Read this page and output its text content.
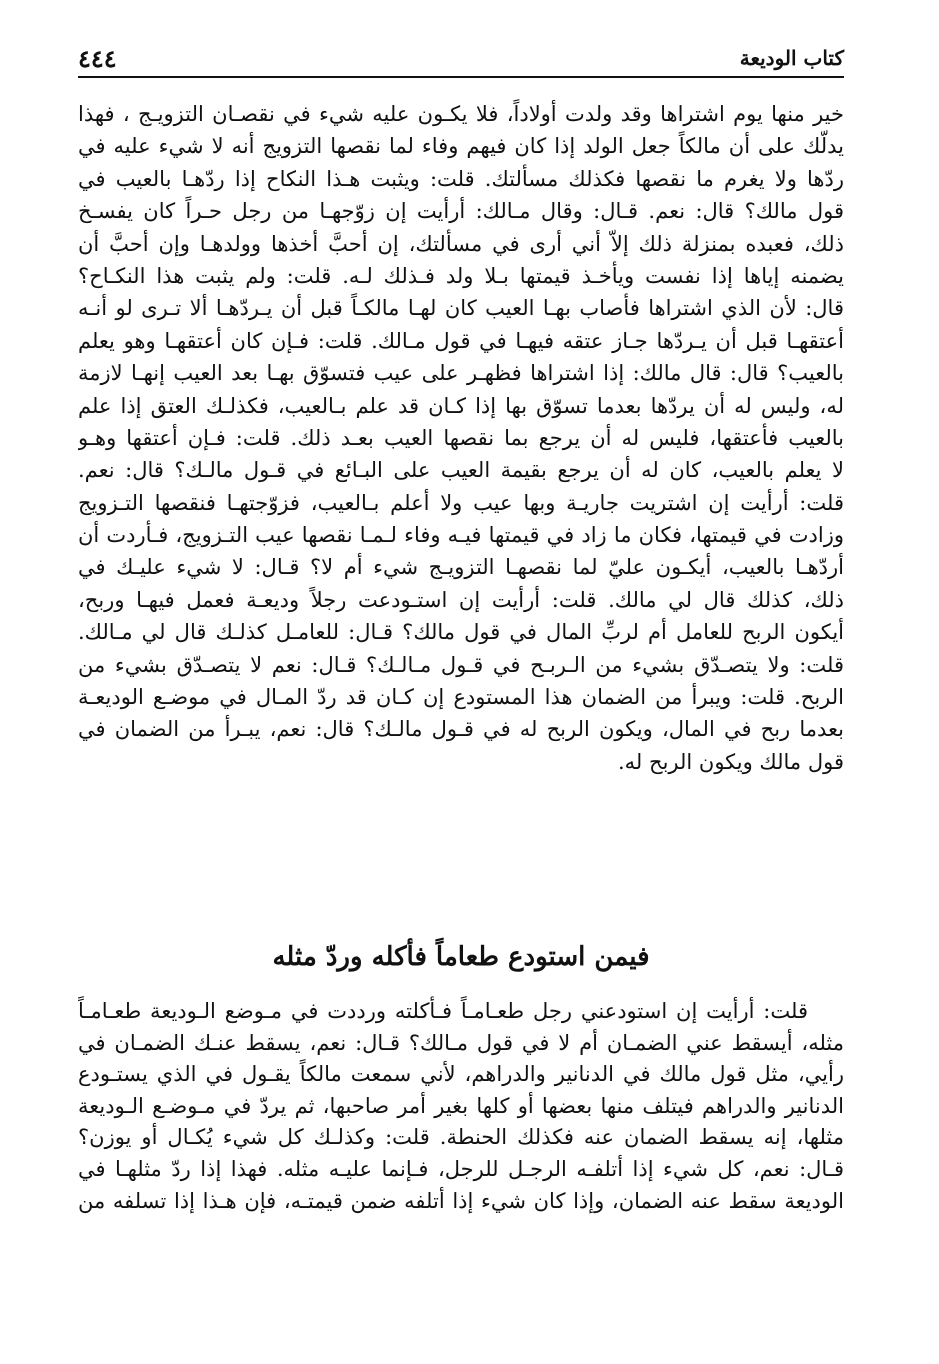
كتاب الوديعة
٤٤٤
خير منها يوم اشتراها وقد ولدت أولاداً، فلا يكـون عليه شيء في نقصـان التزويـج ، فهذا
يدلّك على أن مالكاً جعل الولد إذا كان فيهم وفاء لما نقصها التزويج أنه لا شيء عليه في
ردّها ولا يغرم ما نقصها فكذلك مسألتك. قلت: ويثبت هـذا النكاح إذا ردّهـا بالعيب في
قول مالك؟ قال: نعم. قـال: وقال مـالك: أرأيت إن زوّجهـا من رجل حـراً كان يفسـخ
ذلك، فعبده بمنزلة ذلك إلاّ أني أرى في مسألتك، إن أحبَّ أخذها وولدهـا وإن أحبَّ أن
يضمنه إياها إذا نفست ويأخـذ قيمتها بـلا ولد فـذلك لـه. قلت: ولم يثبت هذا النكـاح؟
قال: لأن الذي اشتراها فأصاب بهـا العيب كان لهـا مالكـاً قبل أن يـردّهـا ألا تـرى لو أنـه
أعتقهـا قبل أن يـردّها جـاز عتقه فيهـا في قول مـالك. قلت: فـإن كان أعتقهـا وهو يعلم
بالعيب؟ قال: قال مالك: إذا اشتراها فظهـر على عيب فتسوّق بهـا بعد العيب إنهـا لازمة
له، وليس له أن يردّها بعدما تسوّق بها إذا كـان قد علم بـالعيب، فكذلـك العتق إذا علم
بالعيب فأعتقها، فليس له أن يرجع بما نقصها العيب بعـد ذلك. قلت: فـإن أعتقها وهـو
لا يعلم بالعيب، كان له أن يرجع بقيمة العيب على البـائع في قـول مالـك؟ قال: نعم.
قلت: أرأيت إن اشتريت جاريـة وبها عيب ولا أعلم بـالعيب، فزوّجتهـا فنقصها التـزويج
وزادت في قيمتها، فكان ما زاد في قيمتها فيـه وفاء لـمـا نقصها عيب التـزويج، فـأردت أن
أردّهـا بالعيب، أيكـون عليّ لما نقصهـا التزويـج شيء أم لا؟ قـال: لا شيء عليـك في
ذلك، كذلك قال لي مالك. قلت: أرأيت إن استـودعت رجلاً وديعـة فعمل فيهـا وربح،
أيكون الربح للعامل أم لربِّ المال في قول مالك؟ قـال: للعامـل كذلـك قال لي مـالك.
قلت: ولا يتصـدّق بشيء من الـربـح في قـول مـالـك؟ قـال: نعم لا يتصـدّق بشيء من
الربح. قلت: ويبرأ من الضمان هذا المستودع إن كـان قد ردّ المـال في موضـع الوديعـة
بعدما ربح في المال، ويكون الربح له في قـول مالـك؟ قال: نعم، يبـرأ من الضمان في
قول مالك ويكون الربح له.
فيمن استودع طعاماً فأكله وردّ مثله
قلت: أرأيت إن استودعني رجل طعـامـاً فـأكلته ورددت في مـوضع الـوديعة طعـامـاً
مثله، أيسقط عني الضمـان أم لا في قول مـالك؟ قـال: نعم، يسقط عنـك الضمـان في
رأيي، مثل قول مالك في الدنانير والدراهم، لأني سمعت مالكاً يقـول في الذي يستـودع
الدنانير والدراهم فيتلف منها بعضها أو كلها بغير أمر صاحبها، ثم يردّ في مـوضـع الـوديعة
مثلها، إنه يسقط الضمان عنه فكذلك الحنطة. قلت: وكذلـك كل شيء يُكـال أو يوزن؟
قـال: نعم، كل شيء إذا أتلفـه الرجـل للرجل، فـإنما عليـه مثله. فهذا إذا ردّ مثلهـا في
الوديعة سقط عنه الضمان، وإذا كان شيء إذا أتلفه ضمن قيمتـه، فإن هـذا إذا تسلفه من
